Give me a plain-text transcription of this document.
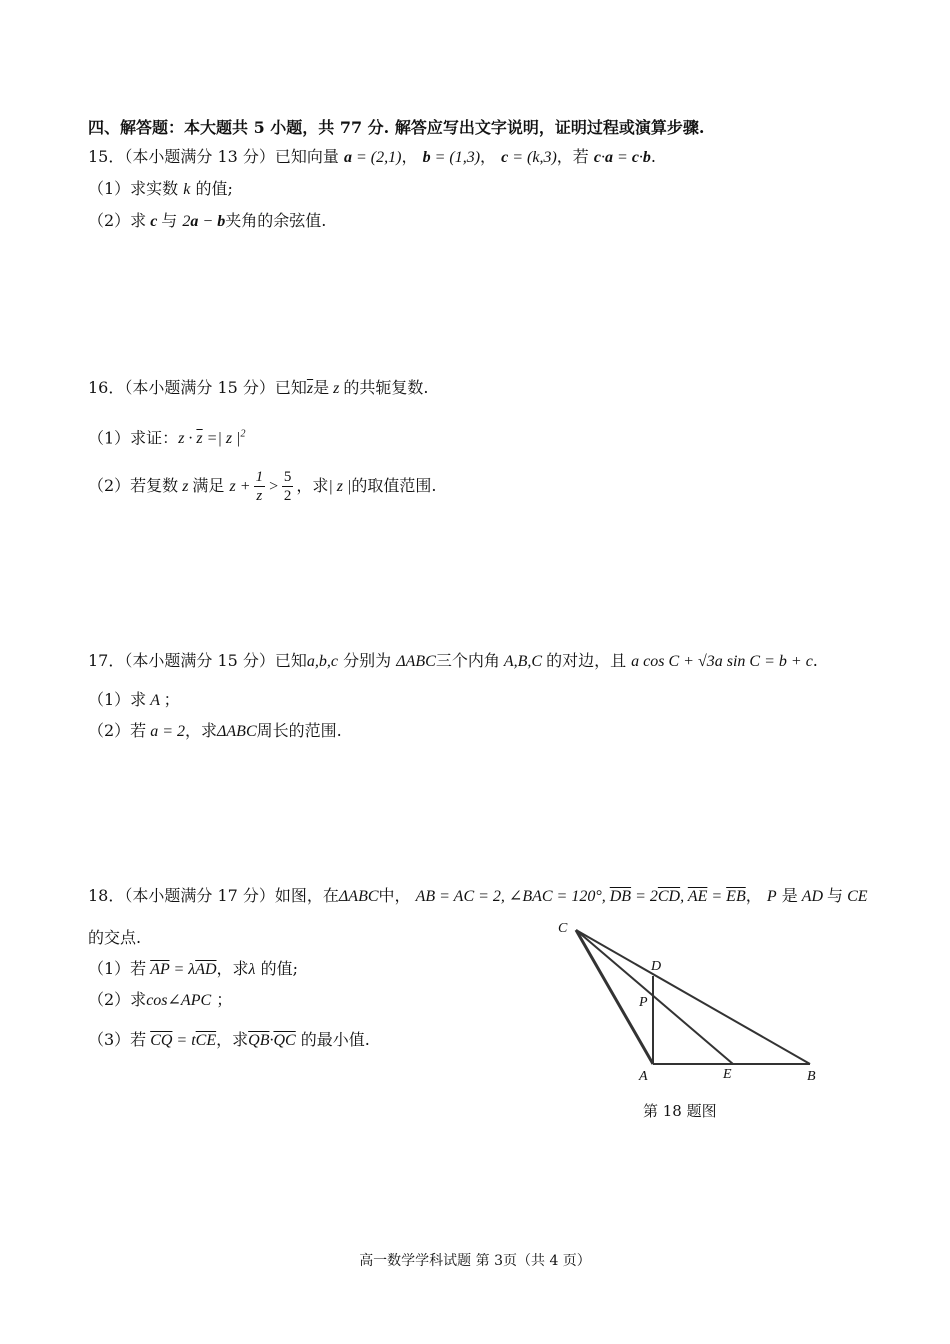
四、解答题：本大题共 5 小题，共 77 分. 解答应写出文字说明，证明过程或演算步骤.
15．（本小题满分 13 分）已知向量 a = (2,1)， b = (1,3)， c = (k,3)，若 c·a = c·b.
（1）求实数 k 的值;
（2）求 c 与 2a − b夹角的余弦值.
16．（本小题满分 15 分）已知$\overline{z}$是 z 的共轭复数.
（1）求证：$z \cdot \overline{z}$ =| z $|^2$
（2）若复数 z 满足 $z + \frac{1}{z} > \frac{5}{2}$ ，求| z |的取值范围.
17．（本小题满分 15 分）已知a,b,c 分别为 ΔABC三个内角 A,B,C 的对边，且 a cos C + √3a sin C = b + c.
（1）求 A ；
（2）若 a = 2，求ΔABC周长的范围.
18．（本小题满分 17 分）如图，在ΔABC中， AB = AC = 2, ∠BAC = 120°, $\overline{DB} = 2\overline{CD}$, $\overline{AE} = \overline{EB}$， P 是 AD 与 CE
的交点.
（1）若 $\overline{AP} = \lambda\overline{AD}$，求λ 的值;
（2）求cos∠APC ；
（3）若 $\overline{CQ} = t\overline{CE}$，求$\overline{QB}\cdot\overline{QC}$ 的最小值.
C
D
P
A	E	B
第 18 题图
高一数学学科试题 第 3页（共 4 页）
